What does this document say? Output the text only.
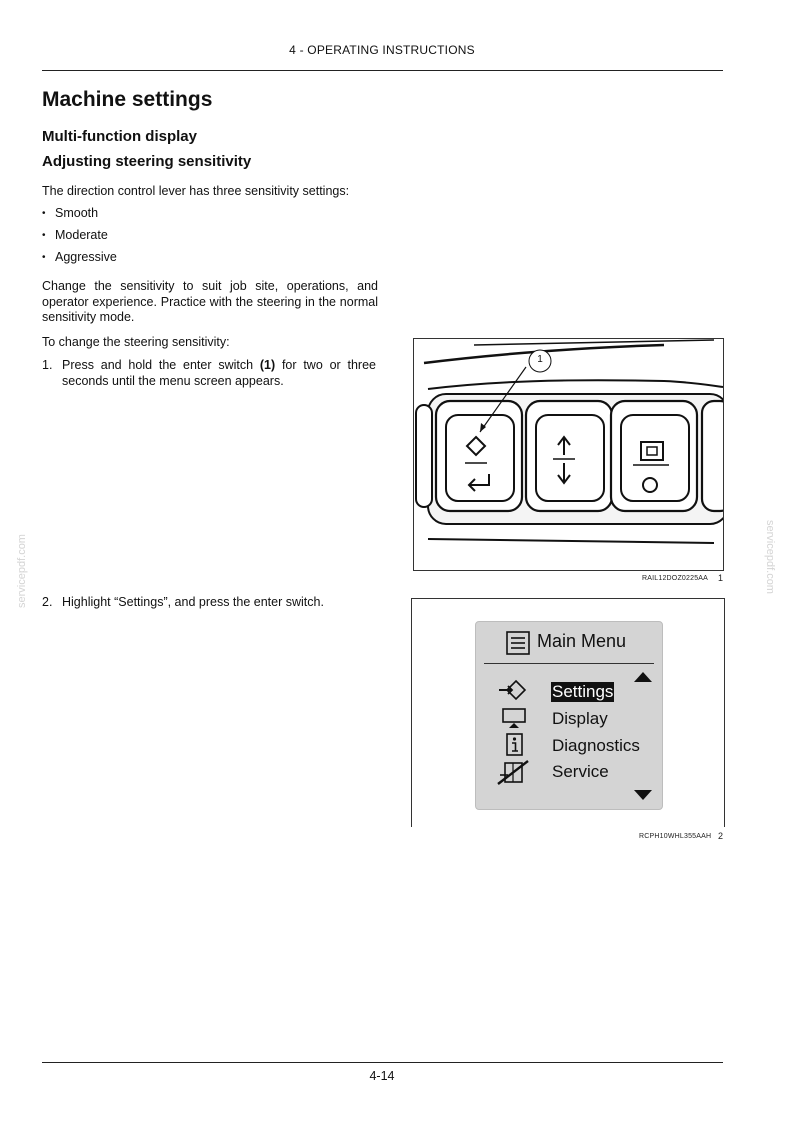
4 - OPERATING INSTRUCTIONS
Machine settings
Multi-function display
Adjusting steering sensitivity

The direction control lever has three sensitivity settings:

• Smooth
• Moderate
• Aggressive

Change the sensitivity to suit job site, operations, and operator experience. Practice with the steering in the normal sensitivity mode.

To change the steering sensitivity:

1. Press and hold the enter switch (1) for two or three seconds until the menu screen appears.
2. Highlight “Settings”, and press the enter switch.
1
RAIL12DOZ0225AA 1
Main Menu
Settings
Display
Diagnostics
Service
RCPH10WHL355AAH 2
servicepdf.com	servicepdf.com
4-14
